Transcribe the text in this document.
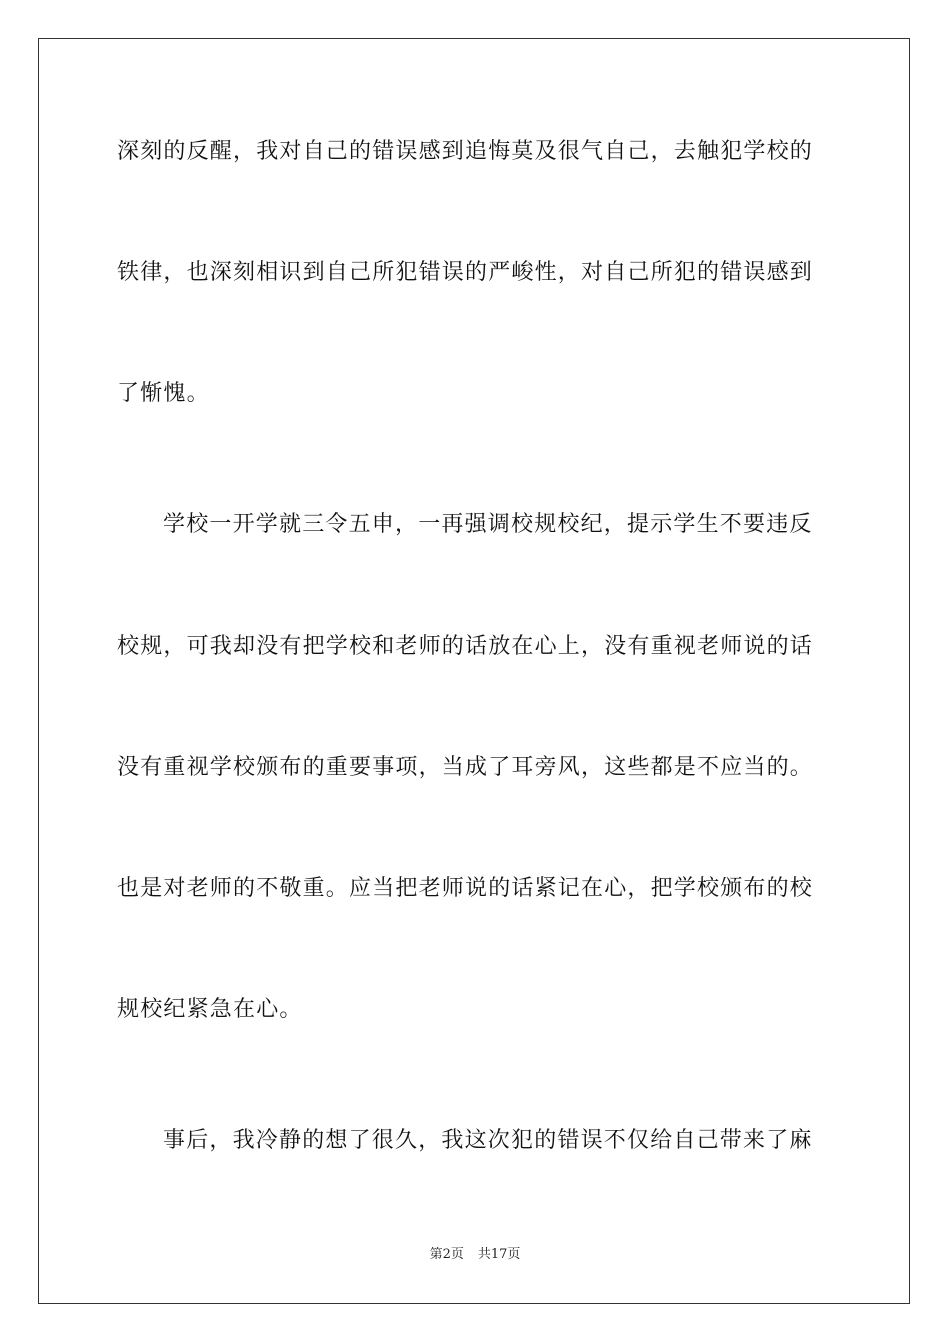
深刻的反醒，我对自己的错误感到追悔莫及很气自己，去触犯学校的
铁律，也深刻相识到自己所犯错误的严峻性，对自己所犯的错误感到
了惭愧。
学校一开学就三令五申，一再强调校规校纪，提示学生不要违反
校规，可我却没有把学校和老师的话放在心上，没有重视老师说的话
没有重视学校颁布的重要事项，当成了耳旁风，这些都是不应当的。
也是对老师的不敬重。应当把老师说的话紧记在心，把学校颁布的校
规校纪紧急在心。
事后，我冷静的想了很久，我这次犯的错误不仅给自己带来了麻
第2页 共17页
